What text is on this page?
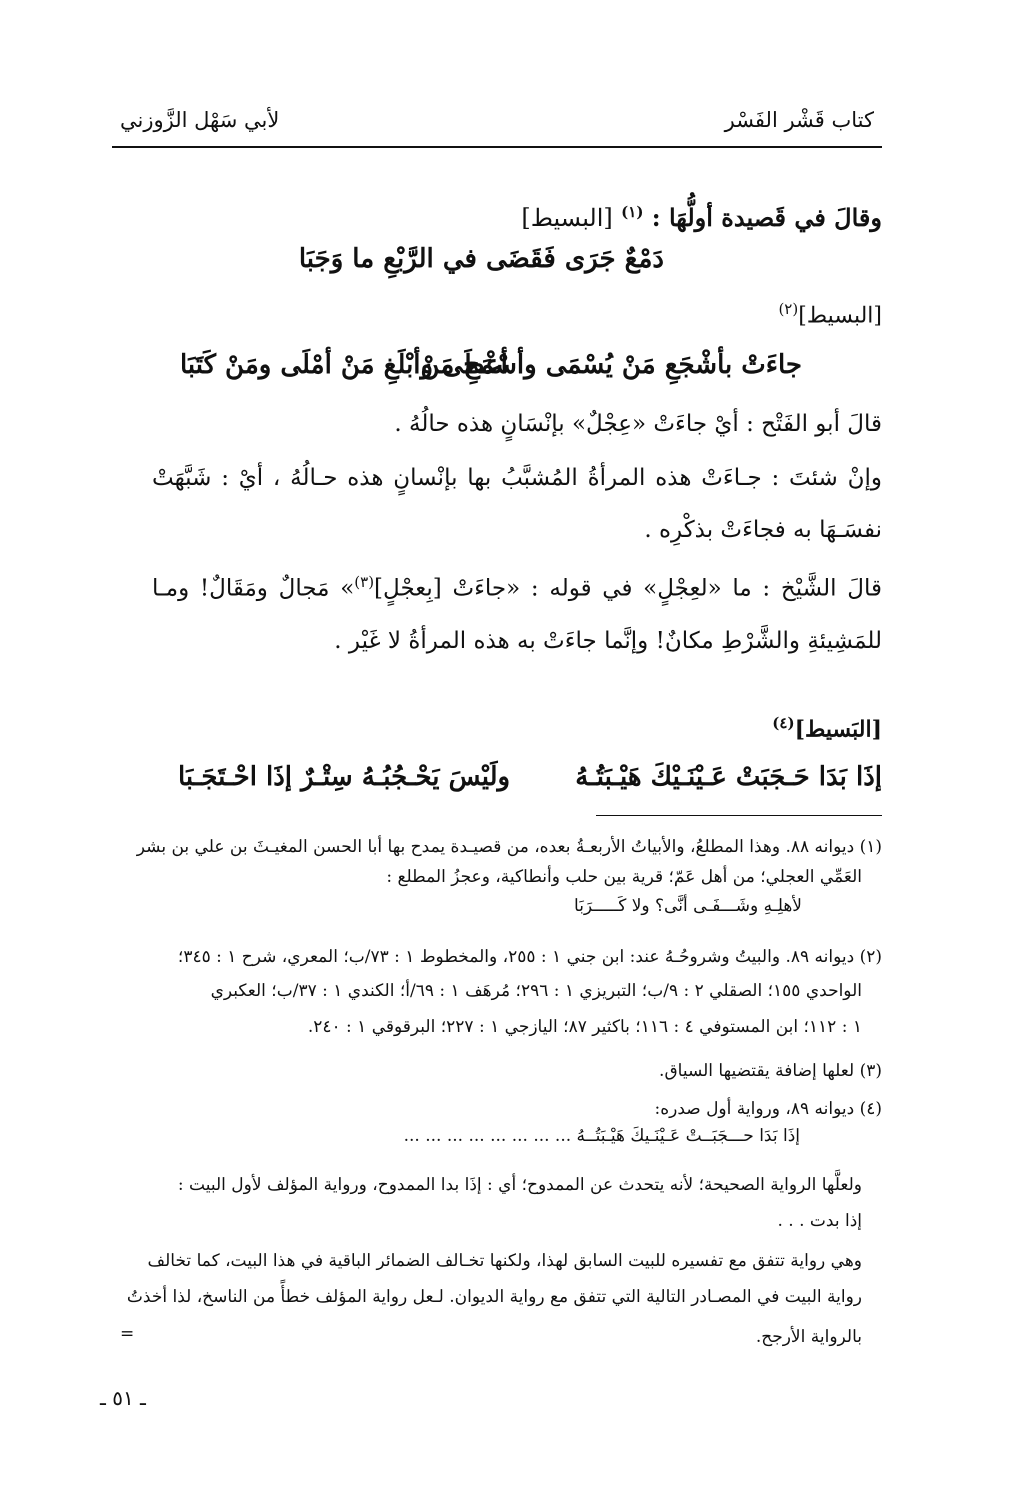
كتاب قَشْر الفَسْر
لأبي سَهْل الزَّوزني
وقالَ في قَصيدة أولُّهَا : $^{(١)}$ [البسيط]
دَمْعٌ جَرَى فَقَضَى في الرَّبْعِ ما وَجَبَا
[البسيط]$^{(٢)}$
جاءَتْ بأشْجَعِ مَنْ يُسْمَى وأسْمَحِ مَنْ
أعْطَى وأبْلَغِ مَنْ أمْلَى ومَنْ كَتَبَا
قالَ أبو الفَتْح : أيْ جاءَتْ «عِجْلٌ» بإنْسَانٍ هذه حالُهُ .
وإنْ شئتَ : جـاءَتْ هذه المرأةُ المُشبَّبُ بها بإنْسانٍ هذه حـالُهُ ، أيْ : شَبَّهَتْ نفسَـهَا به فجاءَتْ بذكْرِه .
قالَ الشَّيْخ : ما «لعِجْلٍ» في قوله : «جاءَتْ [بِعجْلٍ]$^{(٣)}$» مَجالٌ ومَقَالٌ! ومـا للمَشِيئةِ والشَّرْطِ مكانٌ! وإنَّما جاءَتْ به هذه المرأةُ لا غَيْر .
[البَسيط]$^{(٤)}$
إذَا بَدَا حَـجَبَتْ عَـيْنَـيْكَ هَيْـبَتُـهُ
ولَيْسَ يَحْـجُبُـهُ سِتْـرٌ إذَا احْـتَجَـبَا
(١) ديوانه ٨٨. وهذا المطلعُ، والأبياتُ الأربعـةُ بعده، من قصيـدة يمدح بها أبا الحسن المغيـثَ بن علي بن بشر
العَمِّي العجلي؛ من أهل عَمّ؛ قرية بين حلب وأنطاكية، وعجزُ المطلع :
لأهلِـهِ وشَـــفَـى أنَّى؟ ولا كَـــــرَبَا
(٢) ديوانه ٨٩. والبيتُ وشروحُـهُ عند: ابن جني ١ : ٢٥٥، والمخطوط ١ : ٧٣/ب؛ المعري، شرح ١ : ٣٤٥؛
الواحدي ١٥٥؛ الصقلي ٢ : ٩/ب؛ التبريزي ١ : ٢٩٦؛ مُرهَف ١ : ٦٩/أ؛ الكندي ١ : ٣٧/ب؛ العكبري
١ : ١١٢؛ ابن المستوفي ٤ : ١١٦؛ باكثير ٨٧؛ اليازجي ١ : ٢٢٧؛ البرقوقي ١ : ٢٤٠.
(٣) لعلها إضافة يقتضيها السياق.
(٤) ديوانه ٨٩، ورواية أول صدره:
إذَا بَدَا حـــجَبَــتْ عَـيْنَـيكَ هَيْـبَتُــهُ ... ... ... ... ... ... ... ...
ولعلَّها الرواية الصحيحة؛ لأنه يتحدث عن الممدوح؛ أي : إذَا بدا الممدوح، ورواية المؤلف لأول البيت :
إذا بدت . . .
وهي رواية تتفق مع تفسيره للبيت السابق لهذا، ولكنها تخـالف الضمائر الباقية في هذا البيت، كما تخالف
رواية البيت في المصـادر التالية التي تتفق مع رواية الديوان. لـعل رواية المؤلف خطأً من الناسخ، لذا أخذتُ
بالرواية الأرجح.
=
ـ ٥١ ـ
